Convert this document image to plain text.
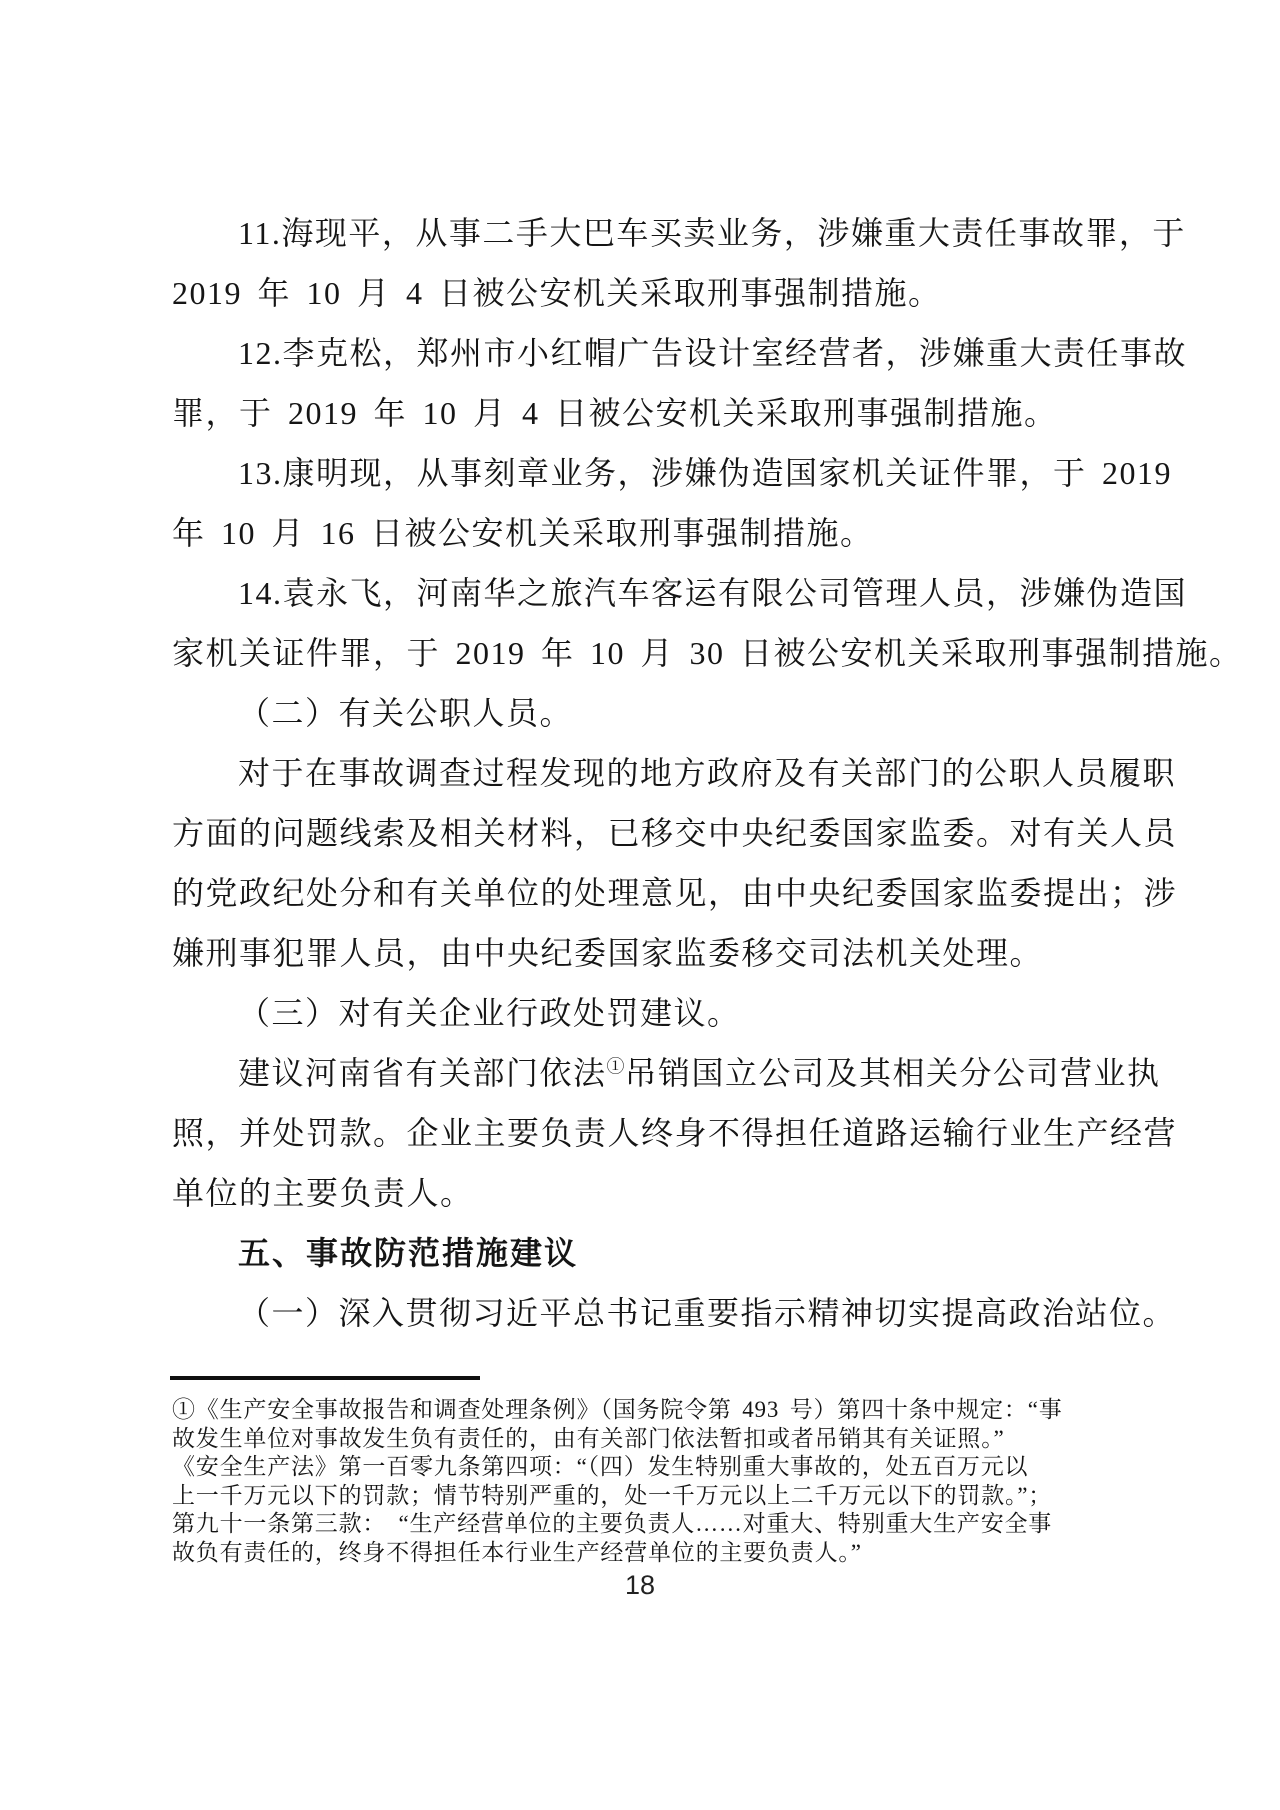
11.海现平，从事二手大巴车买卖业务，涉嫌重大责任事故罪，于
2019 年 10 月 4 日被公安机关采取刑事强制措施。
12.李克松，郑州市小红帽广告设计室经营者，涉嫌重大责任事故
罪，于 2019 年 10 月 4 日被公安机关采取刑事强制措施。
13.康明现，从事刻章业务，涉嫌伪造国家机关证件罪，于 2019
年 10 月 16 日被公安机关采取刑事强制措施。
14.袁永飞，河南华之旅汽车客运有限公司管理人员，涉嫌伪造国
家机关证件罪，于 2019 年 10 月 30 日被公安机关采取刑事强制措施。
（二）有关公职人员。
对于在事故调查过程发现的地方政府及有关部门的公职人员履职
方面的问题线索及相关材料，已移交中央纪委国家监委。对有关人员
的党政纪处分和有关单位的处理意见，由中央纪委国家监委提出；涉
嫌刑事犯罪人员，由中央纪委国家监委移交司法机关处理。
（三）对有关企业行政处罚建议。
建议河南省有关部门依法①吊销国立公司及其相关分公司营业执
照，并处罚款。企业主要负责人终身不得担任道路运输行业生产经营
单位的主要负责人。
五、事故防范措施建议
（一）深入贯彻习近平总书记重要指示精神切实提高政治站位。
①《生产安全事故报告和调查处理条例》（国务院令第 493 号）第四十条中规定：“事
故发生单位对事故发生负有责任的，由有关部门依法暂扣或者吊销其有关证照。”
《安全生产法》第一百零九条第四项：“（四）发生特别重大事故的，处五百万元以
上一千万元以下的罚款；情节特别严重的，处一千万元以上二千万元以下的罚款。”；
第九十一条第三款：　“生产经营单位的主要负责人……对重大、特别重大生产安全事
故负有责任的，终身不得担任本行业生产经营单位的主要负责人。”
18
